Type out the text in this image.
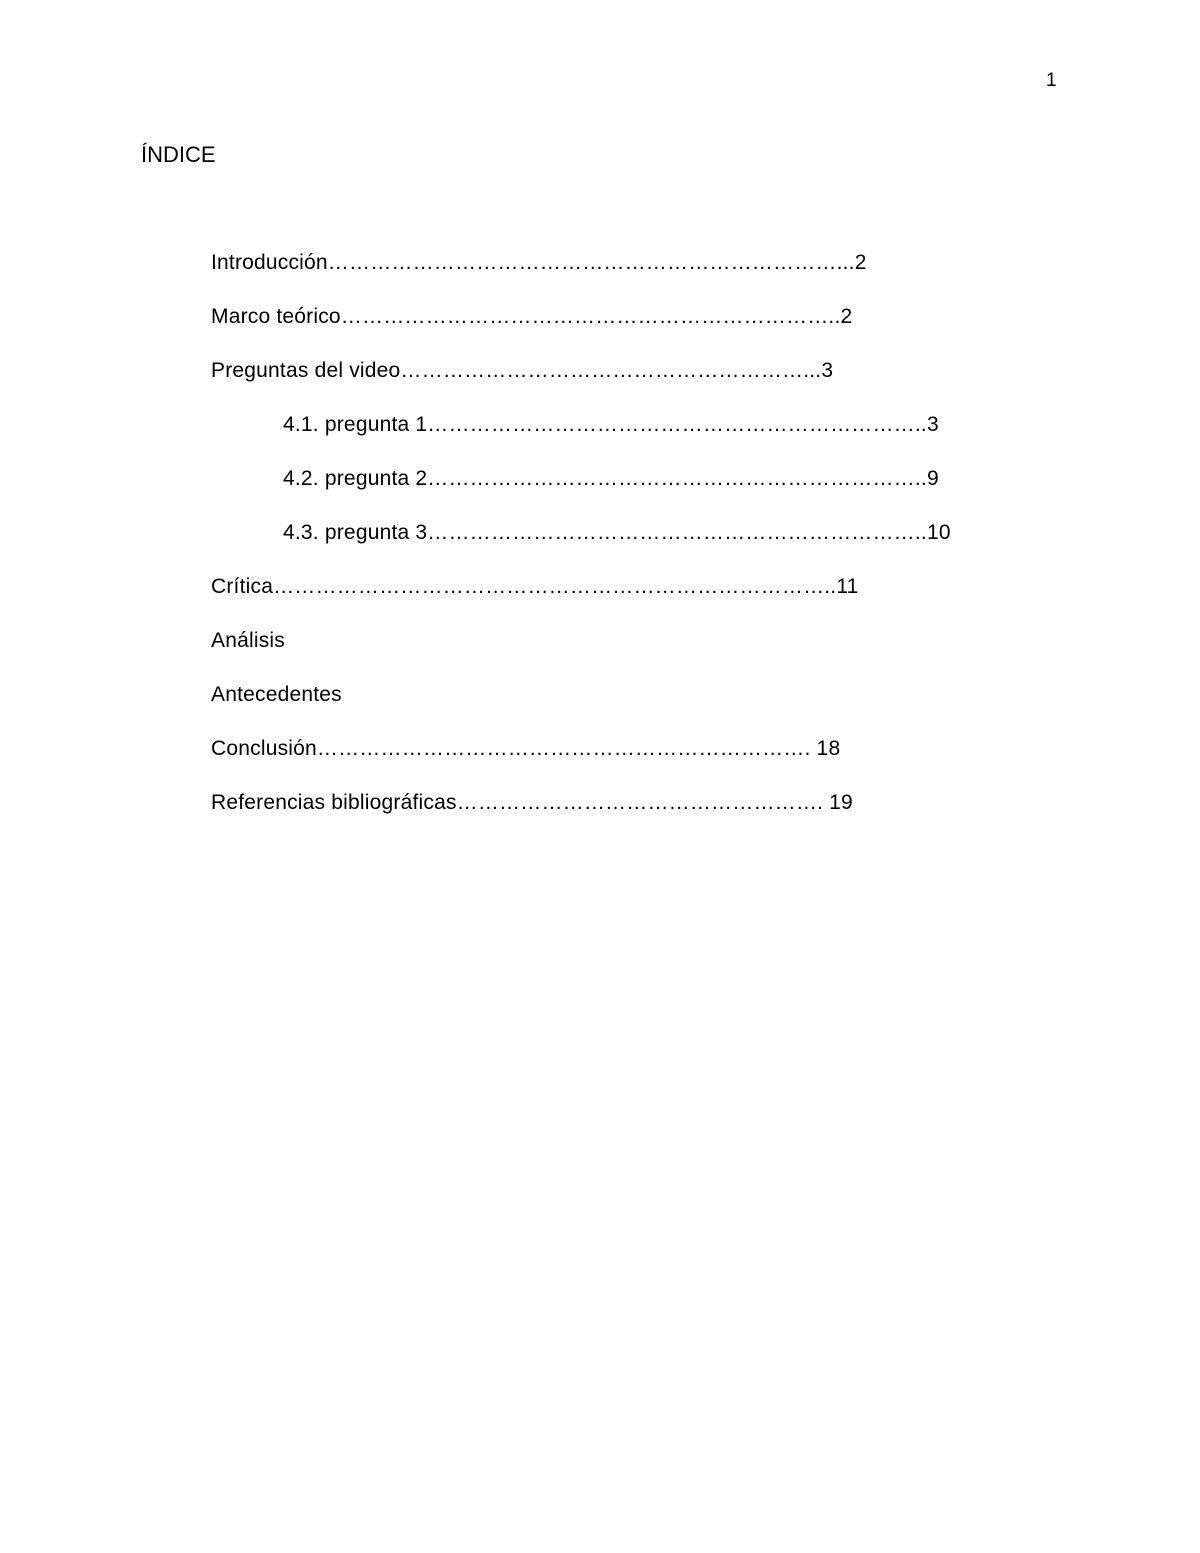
1
ÍNDICE
Introducción………………………………………………………………...2
Marco teórico……………………………………………………………..2
Preguntas del video…………………………………………………...3
4.1. pregunta 1……………………………………………………………..3
4.2. pregunta 2……………………………………………………………..9
4.3. pregunta 3……………………………………………………………..10
Crítica……………………………………………………………………..11
Análisis
Antecedentes
Conclusión……………………………………………………………. 18
Referencias bibliográficas……………………………………………. 19
